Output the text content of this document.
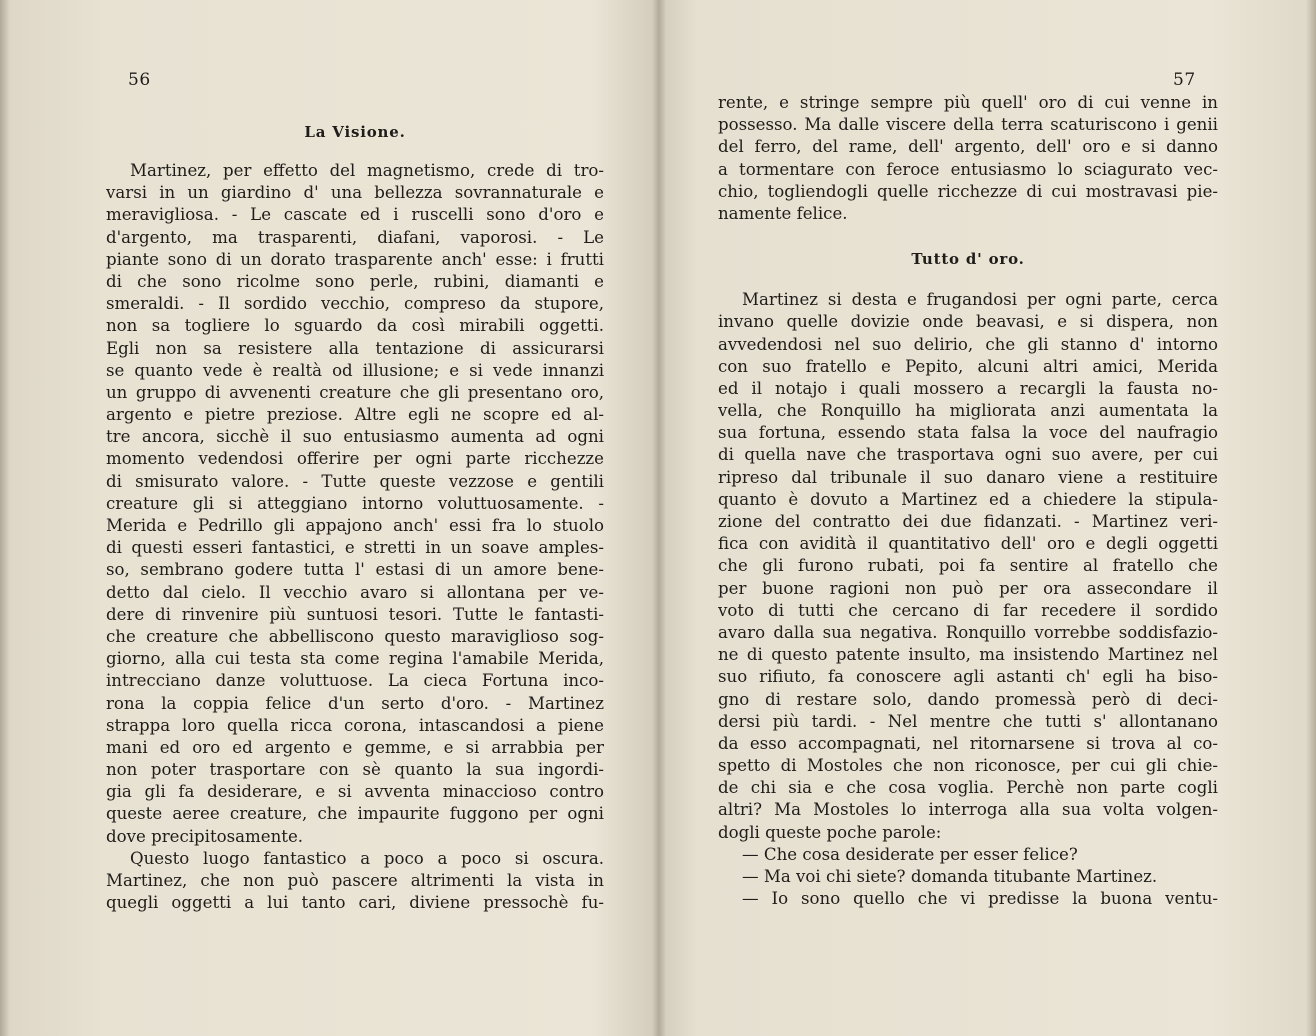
56
La Visione.
Martinez, per effetto del magnetismo, crede di tro-
varsi in un giardino d' una bellezza sovrannaturale e
meravigliosa. - Le cascate ed i ruscelli sono d'oro e
d'argento, ma trasparenti, diafani, vaporosi. - Le
piante sono di un dorato trasparente anch' esse: i frutti
di che sono ricolme sono perle, rubini, diamanti e
smeraldi. - Il sordido vecchio, compreso da stupore,
non sa togliere lo sguardo da così mirabili oggetti.
Egli non sa resistere alla tentazione di assicurarsi
se quanto vede è realtà od illusione; e si vede innanzi
un gruppo di avvenenti creature che gli presentano oro,
argento e pietre preziose. Altre egli ne scopre ed al-
tre ancora, sicchè il suo entusiasmo aumenta ad ogni
momento vedendosi offerire per ogni parte ricchezze
di smisurato valore. - Tutte queste vezzose e gentili
creature gli si atteggiano intorno voluttuosamente. -
Merida e Pedrillo gli appajono anch' essi fra lo stuolo
di questi esseri fantastici, e stretti in un soave amples-
so, sembrano godere tutta l' estasi di un amore bene-
detto dal cielo. Il vecchio avaro si allontana per ve-
dere di rinvenire più suntuosi tesori. Tutte le fantasti-
che creature che abbelliscono questo maraviglioso sog-
giorno, alla cui testa sta come regina l'amabile Merida,
intrecciano danze voluttuose. La cieca Fortuna inco-
rona la coppia felice d'un serto d'oro. - Martinez
strappa loro quella ricca corona, intascandosi a piene
mani ed oro ed argento e gemme, e si arrabbia per
non poter trasportare con sè quanto la sua ingordi-
gia gli fa desiderare, e si avventa minaccioso contro
queste aeree creature, che impaurite fuggono per ogni
dove precipitosamente.
Questo luogo fantastico a poco a poco si oscura.
Martinez, che non può pascere altrimenti la vista in
quegli oggetti a lui tanto cari, diviene pressochè fu-
57
rente, e stringe sempre più quell' oro di cui venne in
possesso. Ma dalle viscere della terra scaturiscono i genii
del ferro, del rame, dell' argento, dell' oro e si danno
a tormentare con feroce entusiasmo lo sciagurato vec-
chio, togliendogli quelle ricchezze di cui mostravasi pie-
namente felice.
Tutto d' oro.
Martinez si desta e frugandosi per ogni parte, cerca
invano quelle dovizie onde beavasi, e si dispera, non
avvedendosi nel suo delirio, che gli stanno d' intorno
con suo fratello e Pepito, alcuni altri amici, Merida
ed il notajo i quali mossero a recargli la fausta no-
vella, che Ronquillo ha migliorata anzi aumentata la
sua fortuna, essendo stata falsa la voce del naufragio
di quella nave che trasportava ogni suo avere, per cui
ripreso dal tribunale il suo danaro viene a restituire
quanto è dovuto a Martinez ed a chiedere la stipula-
zione del contratto dei due fidanzati. - Martinez veri-
fica con avidità il quantitativo dell' oro e degli oggetti
che gli furono rubati, poi fa sentire al fratello che
per buone ragioni non può per ora assecondare il
voto di tutti che cercano di far recedere il sordido
avaro dalla sua negativa. Ronquillo vorrebbe soddisfazio-
ne di questo patente insulto, ma insistendo Martinez nel
suo rifiuto, fa conoscere agli astanti ch' egli ha biso-
gno di restare solo, dando promessà però di deci-
dersi più tardi. - Nel mentre che tutti s' allontanano
da esso accompagnati, nel ritornarsene si trova al co-
spetto di Mostoles che non riconosce, per cui gli chie-
de chi sia e che cosa voglia. Perchè non parte cogli
altri? Ma Mostoles lo interroga alla sua volta volgen-
dogli queste poche parole:
— Che cosa desiderate per esser felice?
— Ma voi chi siete? domanda titubante Martinez.
— Io sono quello che vi predisse la buona ventu-
